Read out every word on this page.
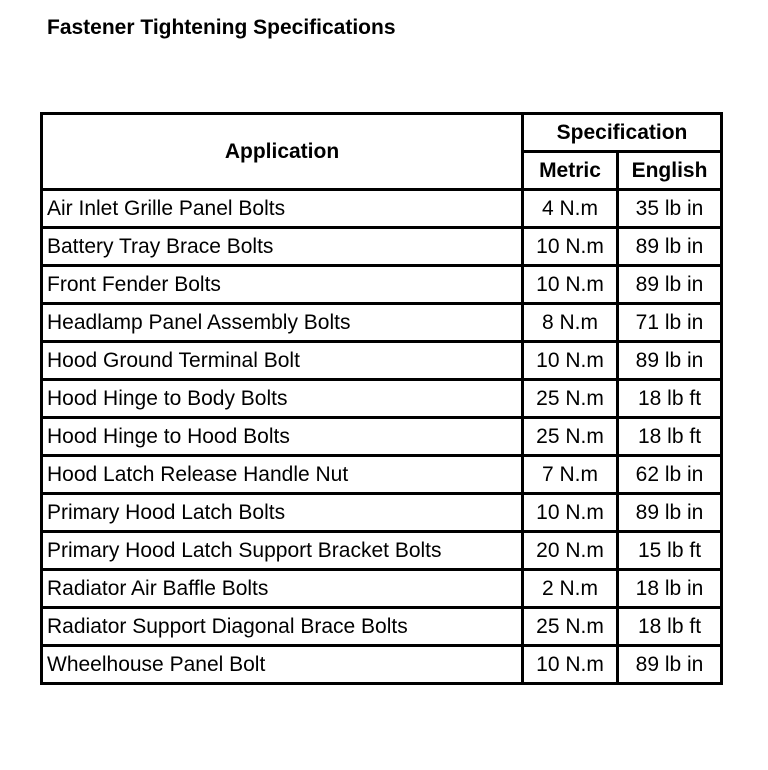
Fastener Tightening Specifications
Application	Specification	
	Metric	English
Air Inlet Grille Panel Bolts	4 N.m	35 lb in
Battery Tray Brace Bolts	10 N.m	89 lb in
Front Fender Bolts	10 N.m	89 lb in
Headlamp Panel Assembly Bolts	8 N.m	71 lb in
Hood Ground Terminal Bolt	10 N.m	89 lb in
Hood Hinge to Body Bolts	25 N.m	18 lb ft
Hood Hinge to Hood Bolts	25 N.m	18 lb ft
Hood Latch Release Handle Nut	7 N.m	62 lb in
Primary Hood Latch Bolts	10 N.m	89 lb in
Primary Hood Latch Support Bracket Bolts	20 N.m	15 lb ft
Radiator Air Baffle Bolts	2 N.m	18 lb in
Radiator Support Diagonal Brace Bolts	25 N.m	18 lb ft
Wheelhouse Panel Bolt	10 N.m	89 lb in
